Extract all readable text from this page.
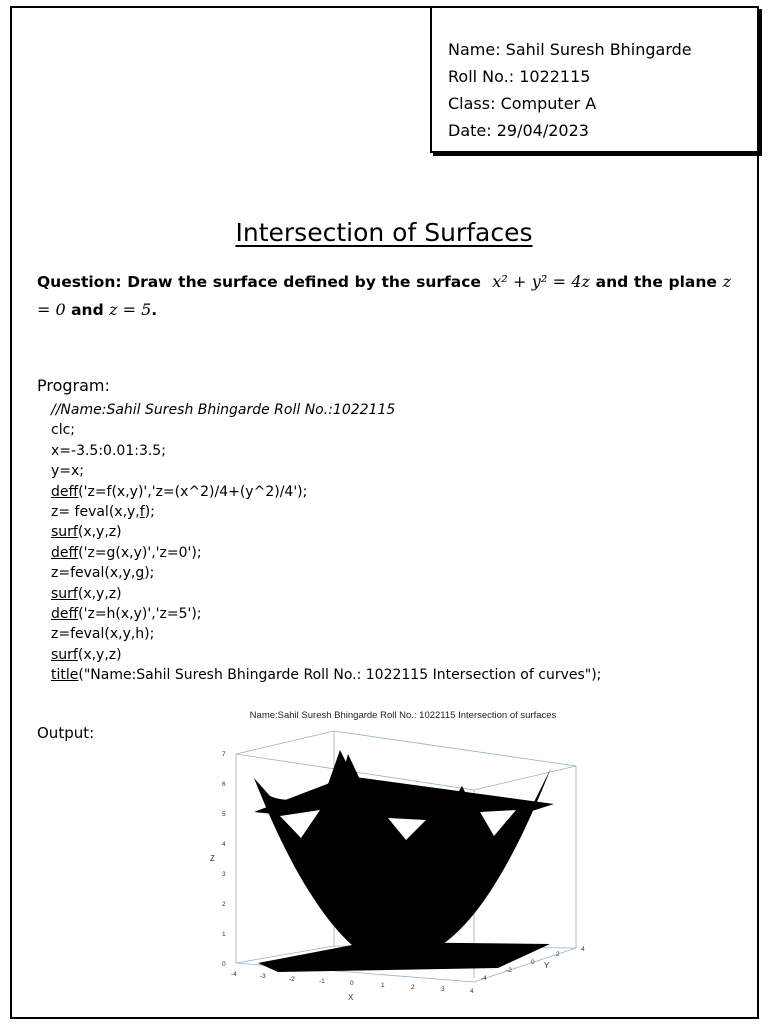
Name: Sahil Suresh Bhingarde
Roll No.: 1022115
Class: Computer A
Date: 29/04/2023
Intersection of Surfaces
Question: Draw the surface defined by the surface x² + y² = 4z and the plane z = 0 and z = 5.
Program:
//Name:Sahil Suresh Bhingarde Roll No.:1022115
clc;
x=-3.5:0.01:3.5;
y=x;
deff('z=f(x,y)','z=(x^2)/4+(y^2)/4');
z= feval(x,y,f);
surf(x,y,z)
deff('z=g(x,y)','z=0');
z=feval(x,y,g);
surf(x,y,z)
deff('z=h(x,y)','z=5');
z=feval(x,y,h);
surf(x,y,z)
title("Name:Sahil Suresh Bhingarde Roll No.: 1022115 Intersection of curves");
Output:
Name:Sahil Suresh Bhingarde Roll No.: 1022115 Intersection of surfaces
0
1
2
3
4
5
6
7
Z
-4	-3	-2	-1	0	1	2	3	4
X
-4
-2
0
2
4
Y
